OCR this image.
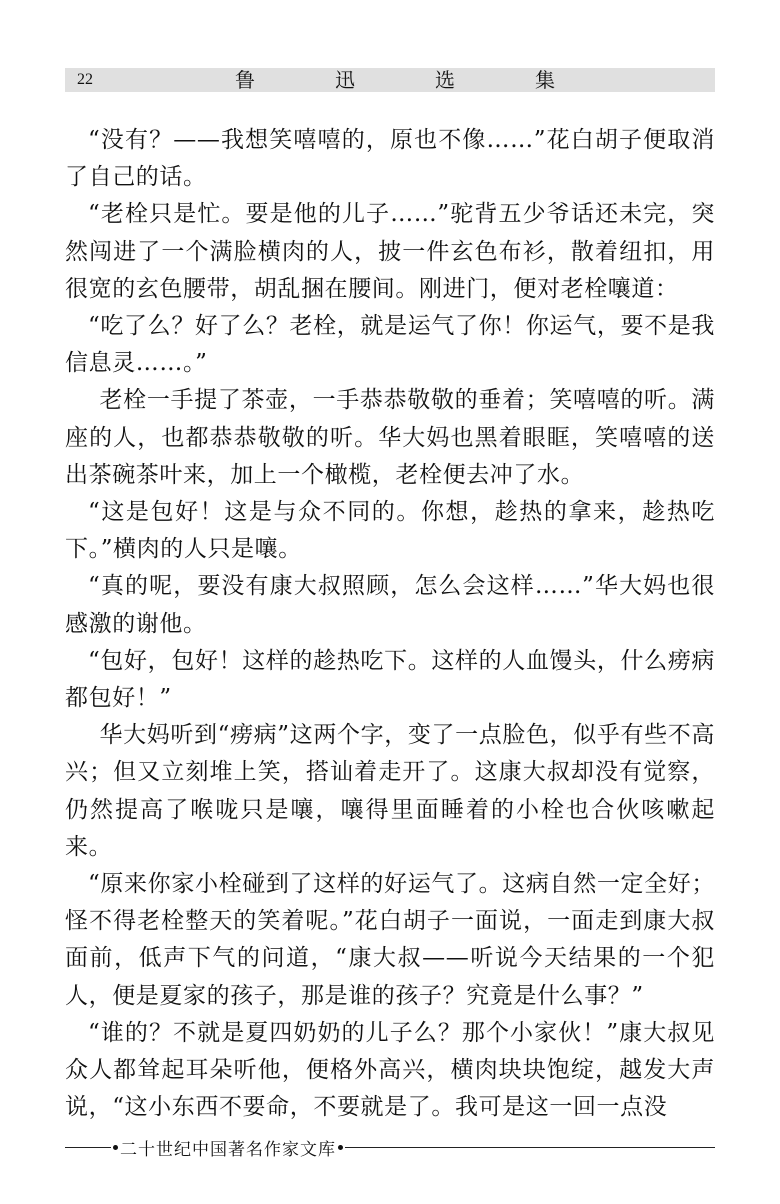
22	鲁	迅	选	集

“没有？——我想笑嘻嘻的，原也不像……”花白胡子便取消了自己的话。

“老栓只是忙。要是他的儿子……”驼背五少爷话还未完，突然闯进了一个满脸横肉的人，披一件玄色布衫，散着纽扣，用很宽的玄色腰带，胡乱捆在腰间。刚进门，便对老栓嚷道：

“吃了么？好了么？老栓，就是运气了你！你运气，要不是我信息灵……。”

老栓一手提了茶壶，一手恭恭敬敬的垂着；笑嘻嘻的听。满座的人，也都恭恭敬敬的听。华大妈也黑着眼眶，笑嘻嘻的送出茶碗茶叶来，加上一个橄榄，老栓便去冲了水。

“这是包好！这是与众不同的。你想，趁热的拿来，趁热吃下。”横肉的人只是嚷。

“真的呢，要没有康大叔照顾，怎么会这样……”华大妈也很感激的谢他。

“包好，包好！这样的趁热吃下。这样的人血馒头，什么痨病都包好！”

华大妈听到“痨病”这两个字，变了一点脸色，似乎有些不高兴；但又立刻堆上笑，搭讪着走开了。这康大叔却没有觉察，仍然提高了喉咙只是嚷，嚷得里面睡着的小栓也合伙咳嗽起来。

“原来你家小栓碰到了这样的好运气了。这病自然一定全好；怪不得老栓整天的笑着呢。”花白胡子一面说，一面走到康大叔面前，低声下气的问道，“康大叔——听说今天结果的一个犯人，便是夏家的孩子，那是谁的孩子？究竟是什么事？”

“谁的？不就是夏四奶奶的儿子么？那个小家伙！”康大叔见众人都耸起耳朵听他，便格外高兴，横肉块块饱绽，越发大声说，“这小东西不要命，不要就是了。我可是这一回一点没

二十世纪中国著名作家文库
